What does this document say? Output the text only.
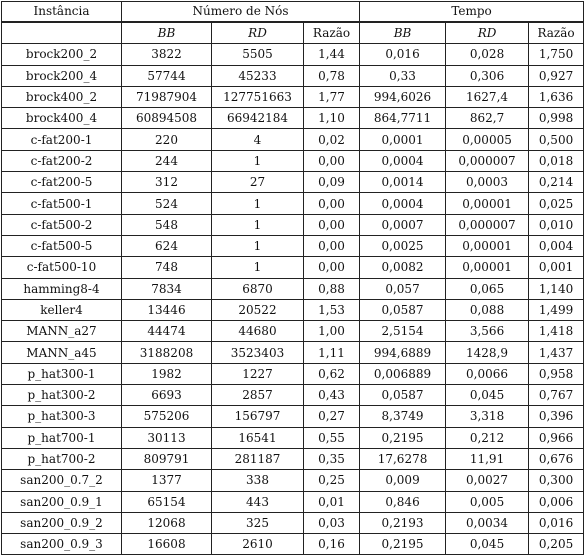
Instância	Número de Nós			Tempo		
	BB	RD	Razão	BB	RD	Razão
brock200_2	3822	5505	1,44	0,016	0,028	1,750
brock200_4	57744	45233	0,78	0,33	0,306	0,927
brock400_2	71987904	127751663	1,77	994,6026	1627,4	1,636
brock400_4	60894508	66942184	1,10	864,7711	862,7	0,998
c-fat200-1	220	4	0,02	0,0001	0,00005	0,500
c-fat200-2	244	1	0,00	0,0004	0,000007	0,018
c-fat200-5	312	27	0,09	0,0014	0,0003	0,214
c-fat500-1	524	1	0,00	0,0004	0,00001	0,025
c-fat500-2	548	1	0,00	0,0007	0,000007	0,010
c-fat500-5	624	1	0,00	0,0025	0,00001	0,004
c-fat500-10	748	1	0,00	0,0082	0,00001	0,001
hamming8-4	7834	6870	0,88	0,057	0,065	1,140
keller4	13446	20522	1,53	0,0587	0,088	1,499
MANN_a27	44474	44680	1,00	2,5154	3,566	1,418
MANN_a45	3188208	3523403	1,11	994,6889	1428,9	1,437
p_hat300-1	1982	1227	0,62	0,006889	0,0066	0,958
p_hat300-2	6693	2857	0,43	0,0587	0,045	0,767
p_hat300-3	575206	156797	0,27	8,3749	3,318	0,396
p_hat700-1	30113	16541	0,55	0,2195	0,212	0,966
p_hat700-2	809791	281187	0,35	17,6278	11,91	0,676
san200_0.7_2	1377	338	0,25	0,009	0,0027	0,300
san200_0.9_1	65154	443	0,01	0,846	0,005	0,006
san200_0.9_2	12068	325	0,03	0,2193	0,0034	0,016
san200_0.9_3	16608	2610	0,16	0,2195	0,045	0,205
